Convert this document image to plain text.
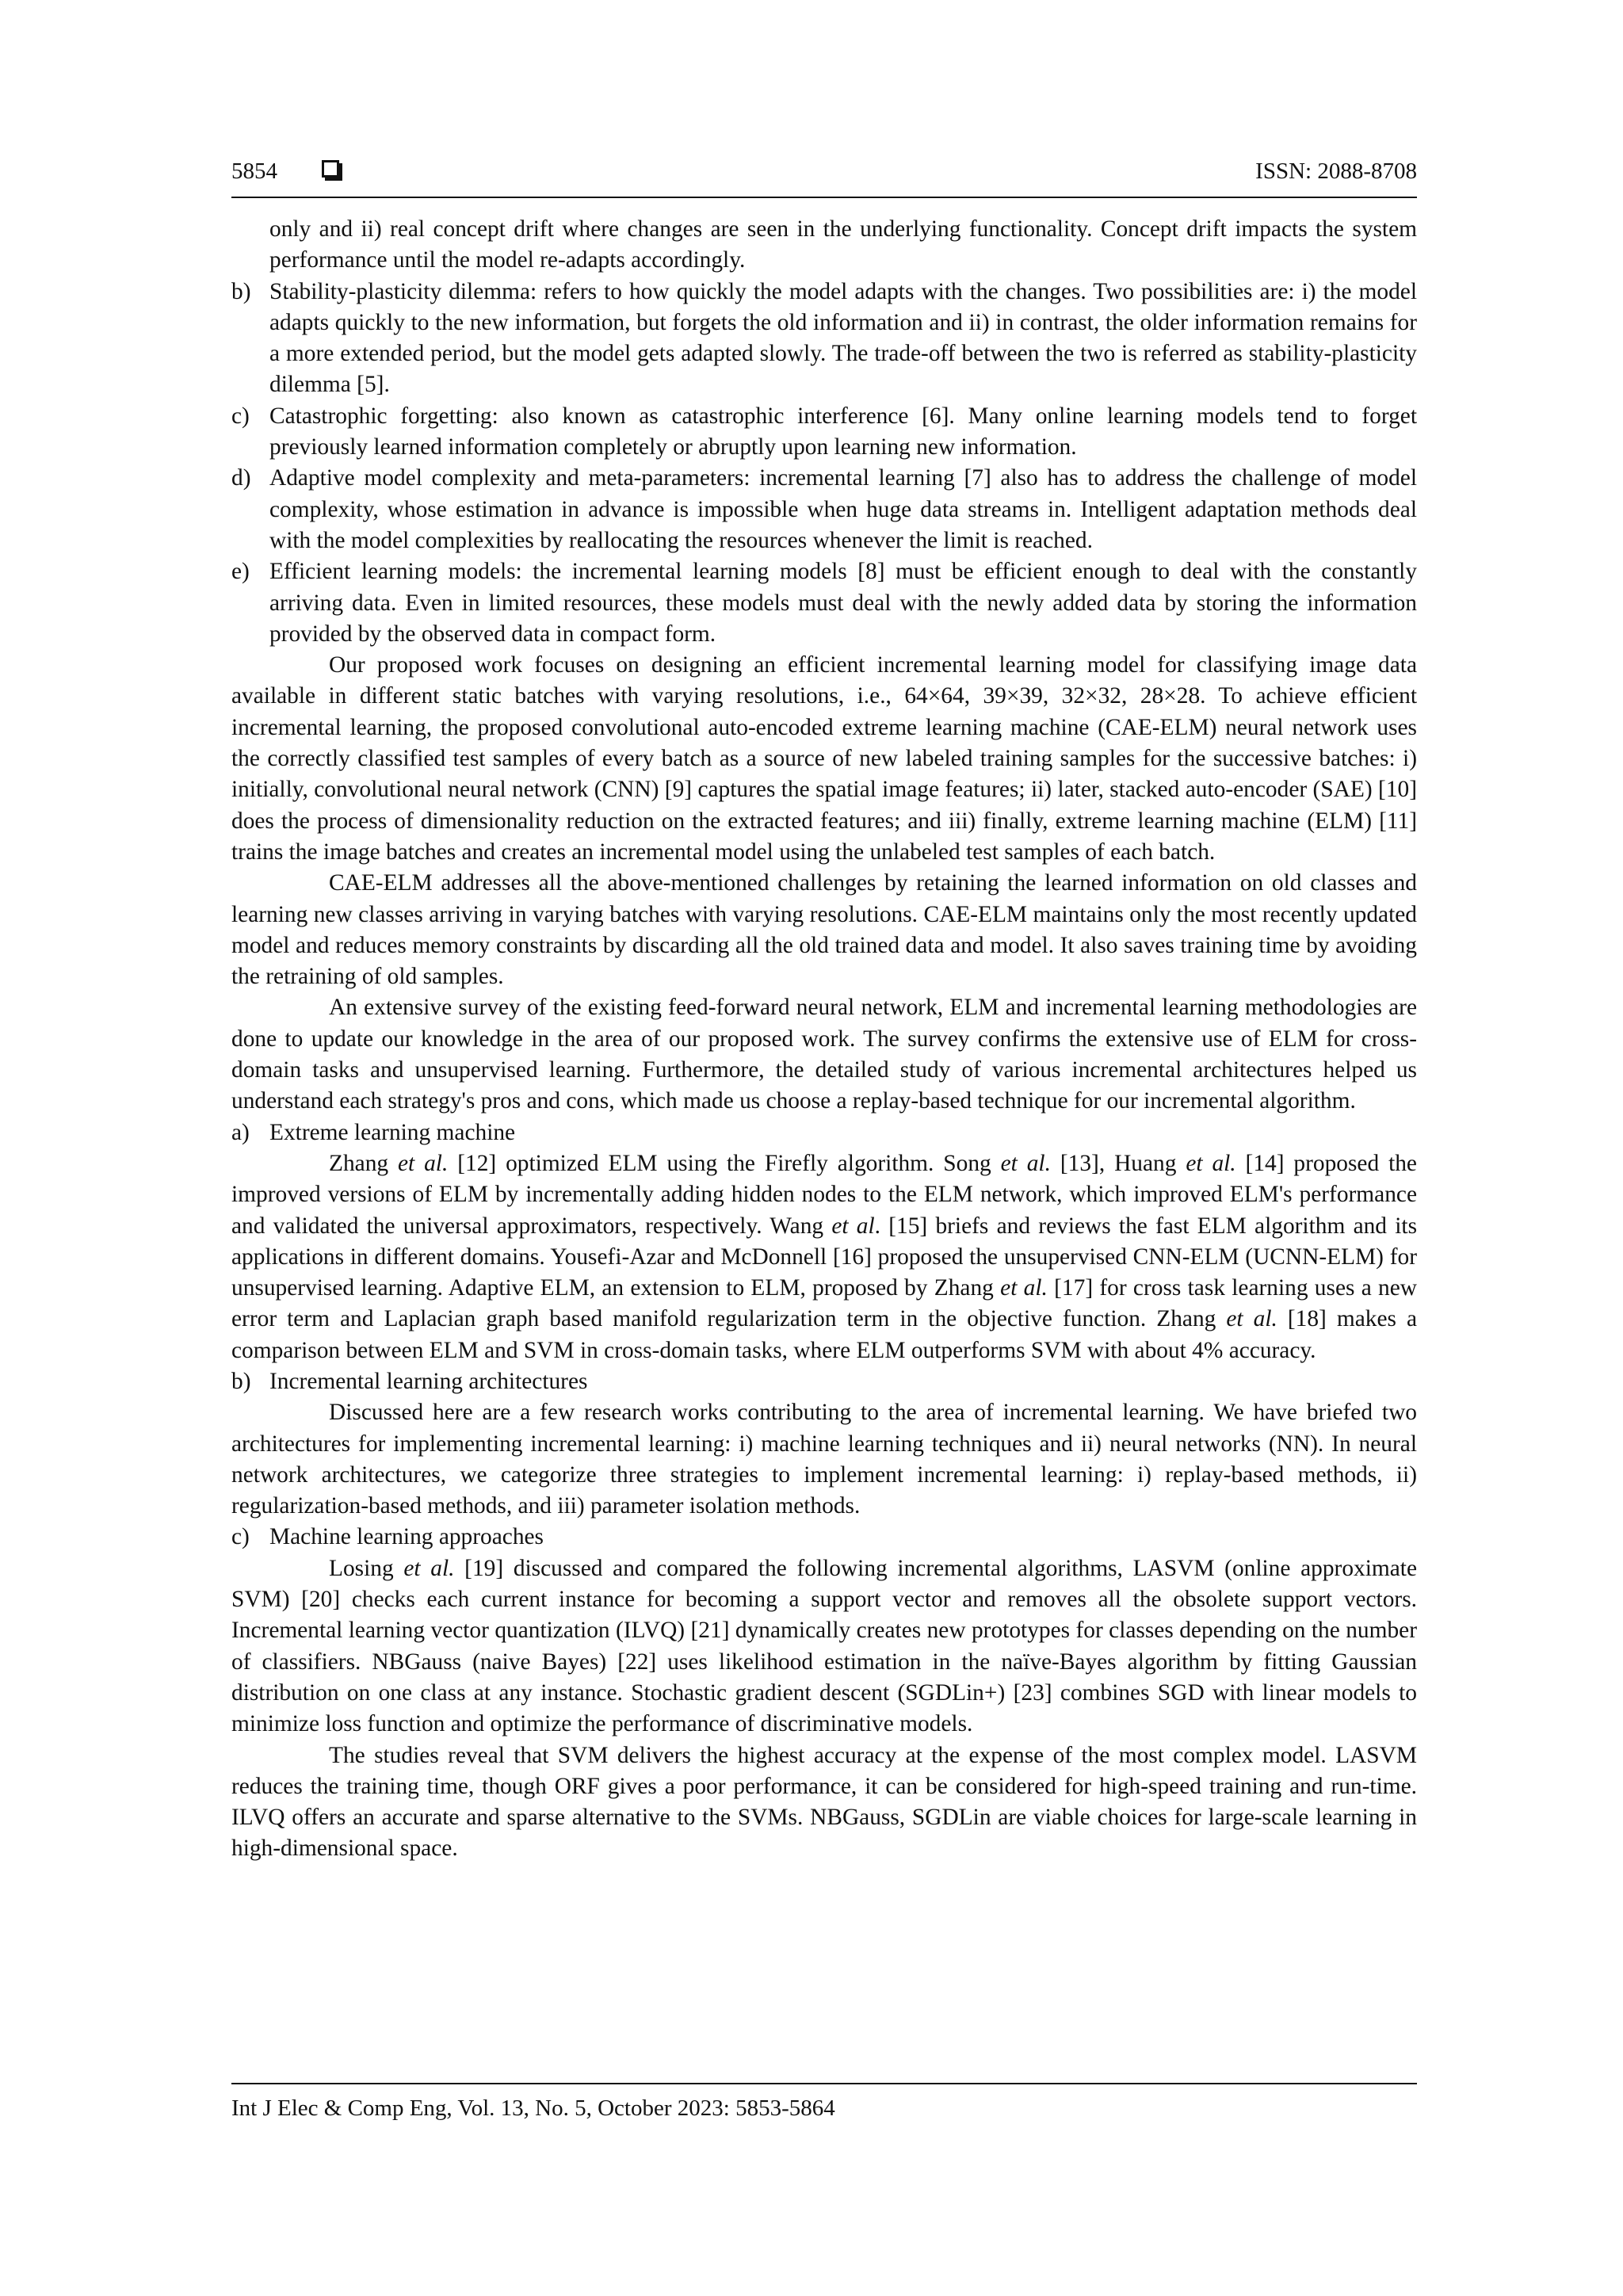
5854	ISSN: 2088-8708

only and ii) real concept drift where changes are seen in the underlying functionality. Concept drift impacts the system performance until the model re-adapts accordingly.

b) Stability-plasticity dilemma: refers to how quickly the model adapts with the changes. Two possibilities are: i) the model adapts quickly to the new information, but forgets the old information and ii) in contrast, the older information remains for a more extended period, but the model gets adapted slowly. The trade-off between the two is referred as stability-plasticity dilemma [5].
c) Catastrophic forgetting: also known as catastrophic interference [6]. Many online learning models tend to forget previously learned information completely or abruptly upon learning new information.
d) Adaptive model complexity and meta-parameters: incremental learning [7] also has to address the challenge of model complexity, whose estimation in advance is impossible when huge data streams in. Intelligent adaptation methods deal with the model complexities by reallocating the resources whenever the limit is reached.
e) Efficient learning models: the incremental learning models [8] must be efficient enough to deal with the constantly arriving data. Even in limited resources, these models must deal with the newly added data by storing the information provided by the observed data in compact form.

Our proposed work focuses on designing an efficient incremental learning model for classifying image data available in different static batches with varying resolutions, i.e., 64×64, 39×39, 32×32, 28×28. To achieve efficient incremental learning, the proposed convolutional auto-encoded extreme learning machine (CAE-ELM) neural network uses the correctly classified test samples of every batch as a source of new labeled training samples for the successive batches: i) initially, convolutional neural network (CNN) [9] captures the spatial image features; ii) later, stacked auto-encoder (SAE) [10] does the process of dimensionality reduction on the extracted features; and iii) finally, extreme learning machine (ELM) [11] trains the image batches and creates an incremental model using the unlabeled test samples of each batch.

CAE-ELM addresses all the above-mentioned challenges by retaining the learned information on old classes and learning new classes arriving in varying batches with varying resolutions. CAE-ELM maintains only the most recently updated model and reduces memory constraints by discarding all the old trained data and model. It also saves training time by avoiding the retraining of old samples.

An extensive survey of the existing feed-forward neural network, ELM and incremental learning methodologies are done to update our knowledge in the area of our proposed work. The survey confirms the extensive use of ELM for cross-domain tasks and unsupervised learning. Furthermore, the detailed study of various incremental architectures helped us understand each strategy's pros and cons, which made us choose a replay-based technique for our incremental algorithm.

a) Extreme learning machine

Zhang et al. [12] optimized ELM using the Firefly algorithm. Song et al. [13], Huang et al. [14] proposed the improved versions of ELM by incrementally adding hidden nodes to the ELM network, which improved ELM's performance and validated the universal approximators, respectively. Wang et al. [15] briefs and reviews the fast ELM algorithm and its applications in different domains. Yousefi-Azar and McDonnell [16] proposed the unsupervised CNN-ELM (UCNN-ELM) for unsupervised learning. Adaptive ELM, an extension to ELM, proposed by Zhang et al. [17] for cross task learning uses a new error term and Laplacian graph based manifold regularization term in the objective function. Zhang et al. [18] makes a comparison between ELM and SVM in cross-domain tasks, where ELM outperforms SVM with about 4% accuracy.

b) Incremental learning architectures

Discussed here are a few research works contributing to the area of incremental learning. We have briefed two architectures for implementing incremental learning: i) machine learning techniques and ii) neural networks (NN). In neural network architectures, we categorize three strategies to implement incremental learning: i) replay-based methods, ii) regularization-based methods, and iii) parameter isolation methods.

c) Machine learning approaches

Losing et al. [19] discussed and compared the following incremental algorithms, LASVM (online approximate SVM) [20] checks each current instance for becoming a support vector and removes all the obsolete support vectors. Incremental learning vector quantization (ILVQ) [21] dynamically creates new prototypes for classes depending on the number of classifiers. NBGauss (naive Bayes) [22] uses likelihood estimation in the naïve-Bayes algorithm by fitting Gaussian distribution on one class at any instance. Stochastic gradient descent (SGDLin+) [23] combines SGD with linear models to minimize loss function and optimize the performance of discriminative models.

The studies reveal that SVM delivers the highest accuracy at the expense of the most complex model. LASVM reduces the training time, though ORF gives a poor performance, it can be considered for high-speed training and run-time. ILVQ offers an accurate and sparse alternative to the SVMs. NBGauss, SGDLin are viable choices for large-scale learning in high-dimensional space.

Int J Elec & Comp Eng, Vol. 13, No. 5, October 2023: 5853-5864
